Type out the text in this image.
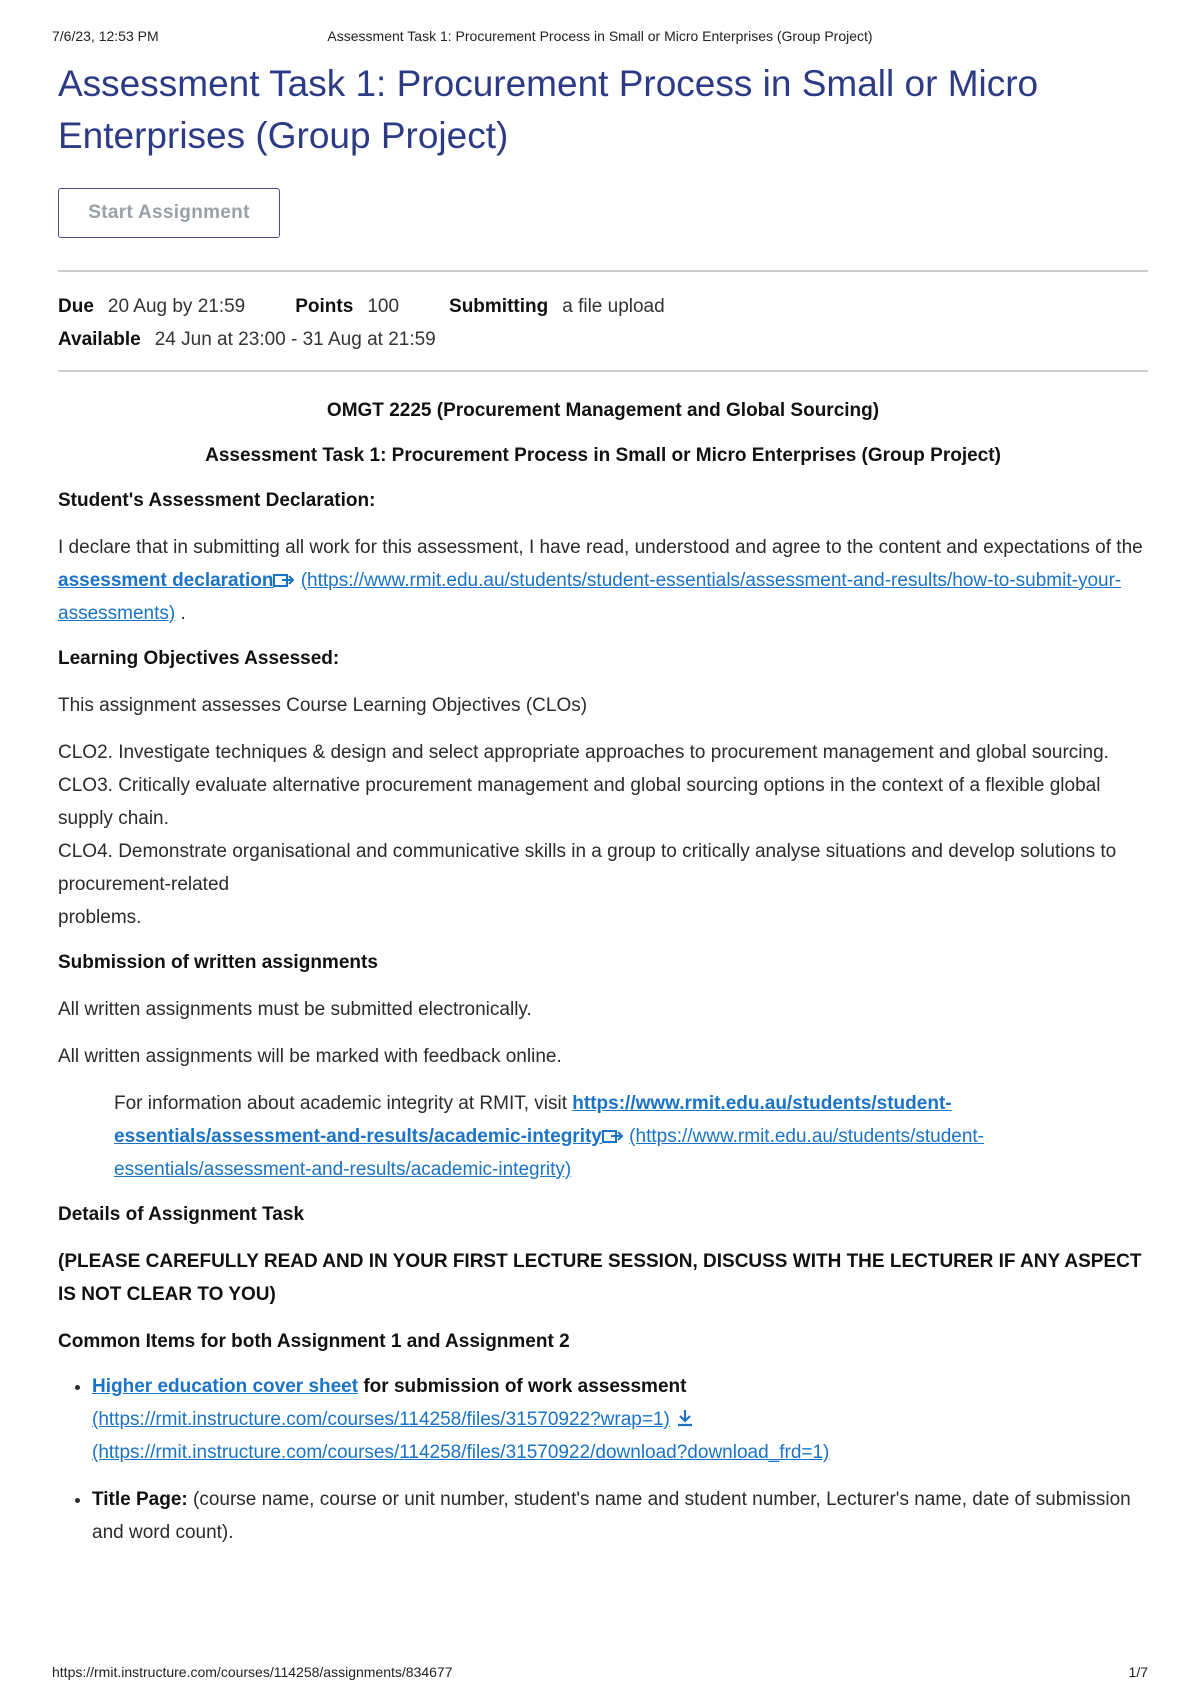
7/6/23, 12:53 PM	Assessment Task 1: Procurement Process in Small or Micro Enterprises (Group Project)
Assessment Task 1: Procurement Process in Small or Micro Enterprises (Group Project)
Start Assignment
Due 20 Aug by 21:59	Points 100	Submitting a file upload
Available 24 Jun at 23:00 - 31 Aug at 21:59

OMGT 2225 (Procurement Management and Global Sourcing)

Assessment Task 1: Procurement Process in Small or Micro Enterprises (Group Project)

Student's Assessment Declaration:

I declare that in submitting all work for this assessment, I have read, understood and agree to the content and expectations of the assessment declaration (https://www.rmit.edu.au/students/student-essentials/assessment-and-results/how-to-submit-your-assessments) .

Learning Objectives Assessed:

This assignment assesses Course Learning Objectives (CLOs)

CLO2. Investigate techniques & design and select appropriate approaches to procurement management and global sourcing.

CLO3. Critically evaluate alternative procurement management and global sourcing options in the context of a flexible global supply chain.

CLO4. Demonstrate organisational and communicative skills in a group to critically analyse situations and develop solutions to procurement-related

problems.

Submission of written assignments

All written assignments must be submitted electronically.

All written assignments will be marked with feedback online.

For information about academic integrity at RMIT, visit https://www.rmit.edu.au/students/student-essentials/assessment-and-results/academic-integrity (https://www.rmit.edu.au/students/student-essentials/assessment-and-results/academic-integrity)

Details of Assignment Task

(PLEASE CAREFULLY READ AND IN YOUR FIRST LECTURE SESSION, DISCUSS WITH THE LECTURER IF ANY ASPECT IS NOT CLEAR TO YOU)

Common Items for both Assignment 1 and Assignment 2

• Higher education cover sheet for submission of work assessment (https://rmit.instructure.com/courses/114258/files/31570922?wrap=1)  (https://rmit.instructure.com/courses/114258/files/31570922/download?download_frd=1)
• Title Page: (course name, course or unit number, student's name and student number, Lecturer's name, date of submission and word count).
https://rmit.instructure.com/courses/114258/assignments/834677	1/7
